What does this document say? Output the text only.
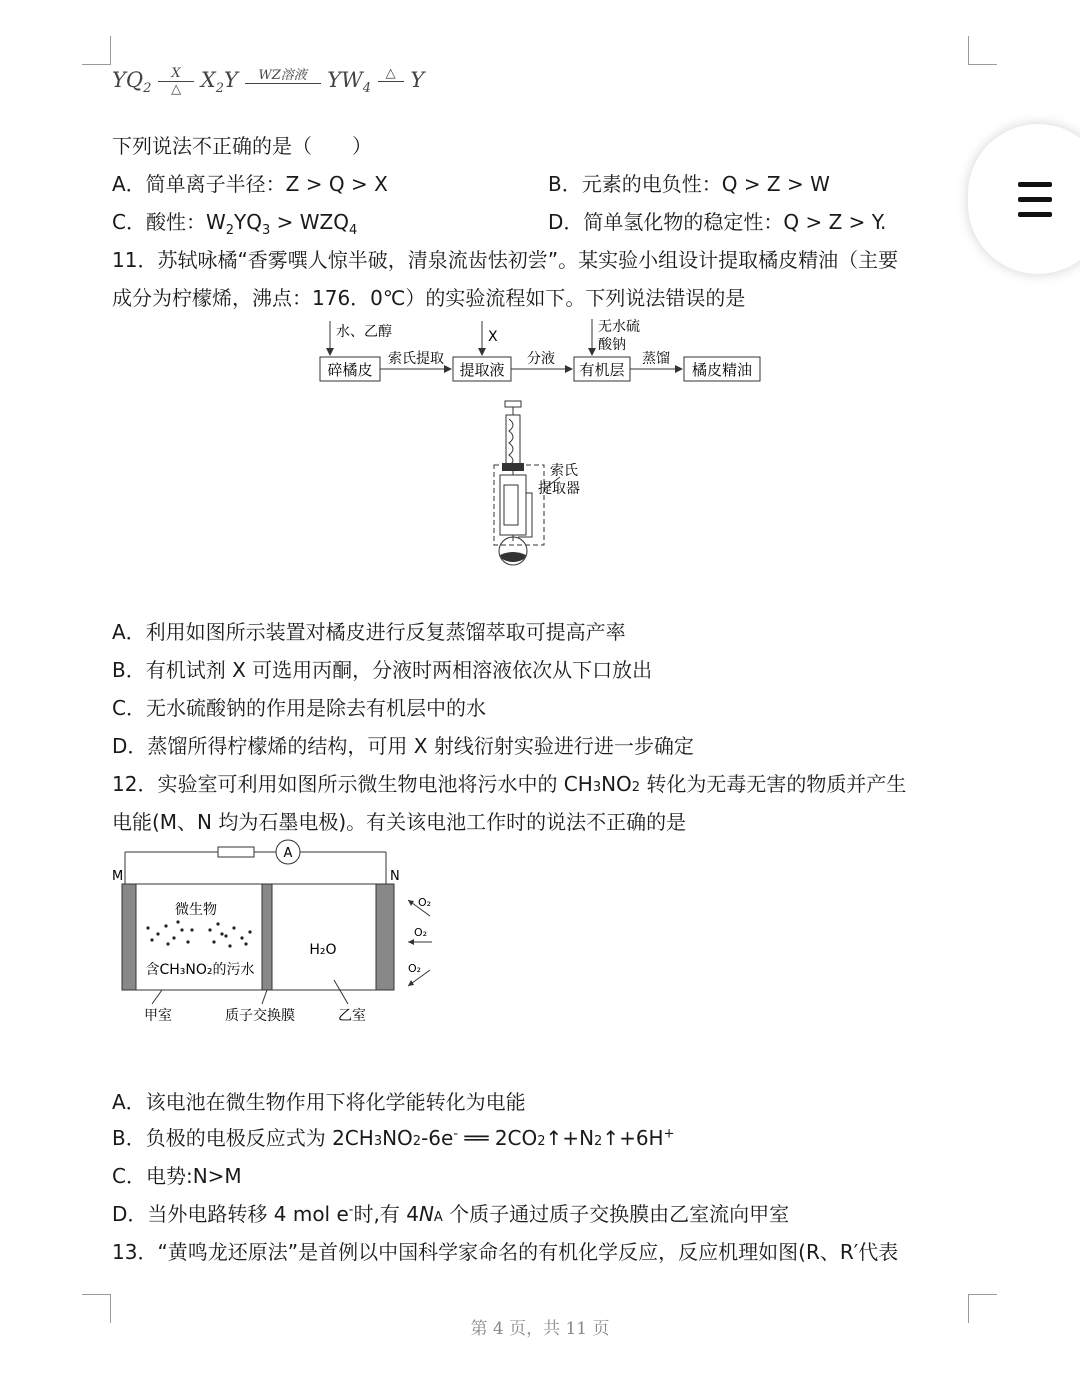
$YQ_2$
X
△ $X_2Y$	WZ溶液
$YW_4$
△
Y
下列说法不正确的是（　　）
A．简单离子半径：Z > Q > X	B．元素的电负性：Q > Z > W
C．酸性：$W_2YQ_3 > WZQ_4$	D．简单氢化物的稳定性：Q > Z > Y.
11．苏轼咏橘“香雾噀人惊半破，清泉流齿怯初尝”。某实验小组设计提取橘皮精油（主要
成分为柠檬烯，沸点：176．0℃）的实验流程如下。下列说法错误的是
碎橘皮	提取液	有机层	橘皮精油
索氏提取	分液	蒸馏
水、乙醇	X
无水硫
酸钠
索氏
提取器
A．利用如图所示装置对橘皮进行反复蒸馏萃取可提高产率
B．有机试剂 X 可选用丙酮，分液时两相溶液依次从下口放出
C．无水硫酸钠的作用是除去有机层中的水
D．蒸馏所得柠檬烯的结构，可用 X 射线衍射实验进行进一步确定
12．实验室可利用如图所示微生物电池将污水中的 CH3NO2 转化为无毒无害的物质并产生
电能(M、N 均为石墨电极)。有关该电池工作时的说法不正确的是
A
M	N
微生物
含CH₃NO₂的污水
H₂O
O₂
O₂
O₂
甲室	质子交换膜	乙室
A．该电池在微生物作用下将化学能转化为电能
B．负极的电极反应式为 2CH3NO2-6e- ══ 2CO2↑+N2↑+6H+
C．电势:N>M
D．当外电路转移 4 mol e-时,有 4NA 个质子通过质子交换膜由乙室流向甲室
13．“黄鸣龙还原法”是首例以中国科学家命名的有机化学反应，反应机理如图(R、R′代表
第 4 页，共 11 页
